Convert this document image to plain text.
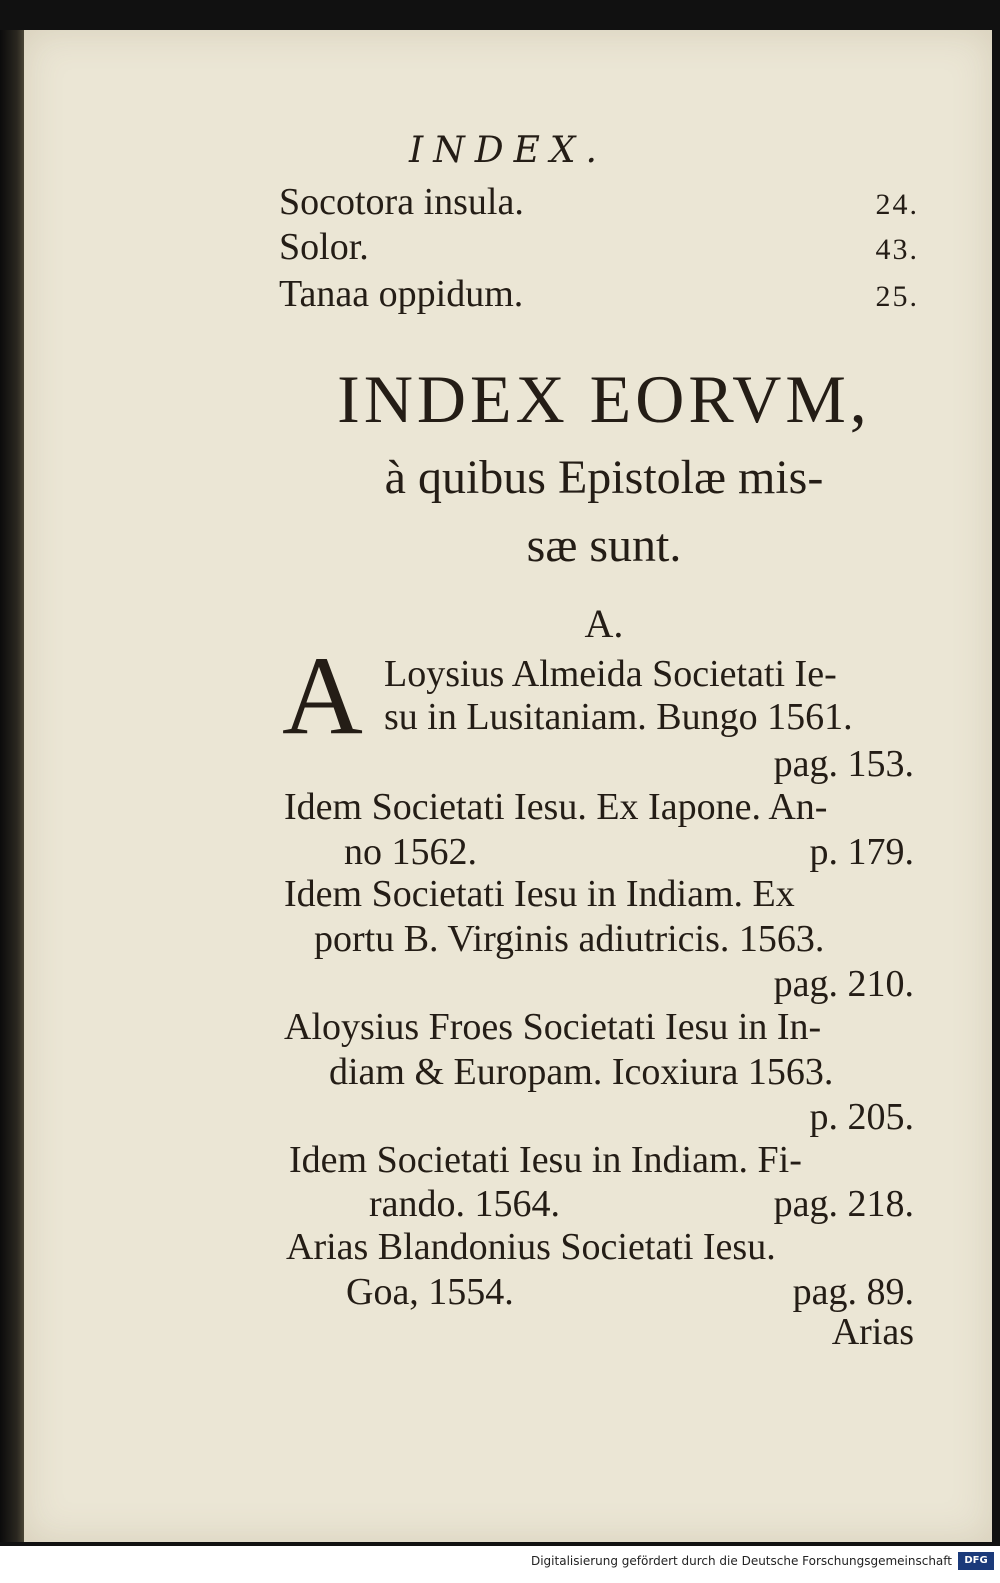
INDEX.
Socotora insula.	24.
Solor.	43.
Tanaa oppidum.	25.
INDEX EORVM,
à quibus Epistolæ mis-
sæ sunt.
A.
A Loysius Almeida Societati Ie-
su in Lusitaniam. Bungo 1561.
pag. 153.
Idem Societati Iesu. Ex Iapone. An-
no 1562.	p. 179.
Idem Societati Iesu in Indiam. Ex
portu B. Virginis adiutricis. 1563.
pag. 210.
Aloysius Froes Societati Iesu in In-
diam & Europam. Icoxiura 1563.
p. 205.
Idem Societati Iesu in Indiam. Fi-
rando. 1564.	pag. 218.
Arias Blandonius Societati Iesu.
Goa, 1554.	pag. 89.
Arias
Digitalisierung gefördert durch die Deutsche Forschungsgemeinschaft	DFG
